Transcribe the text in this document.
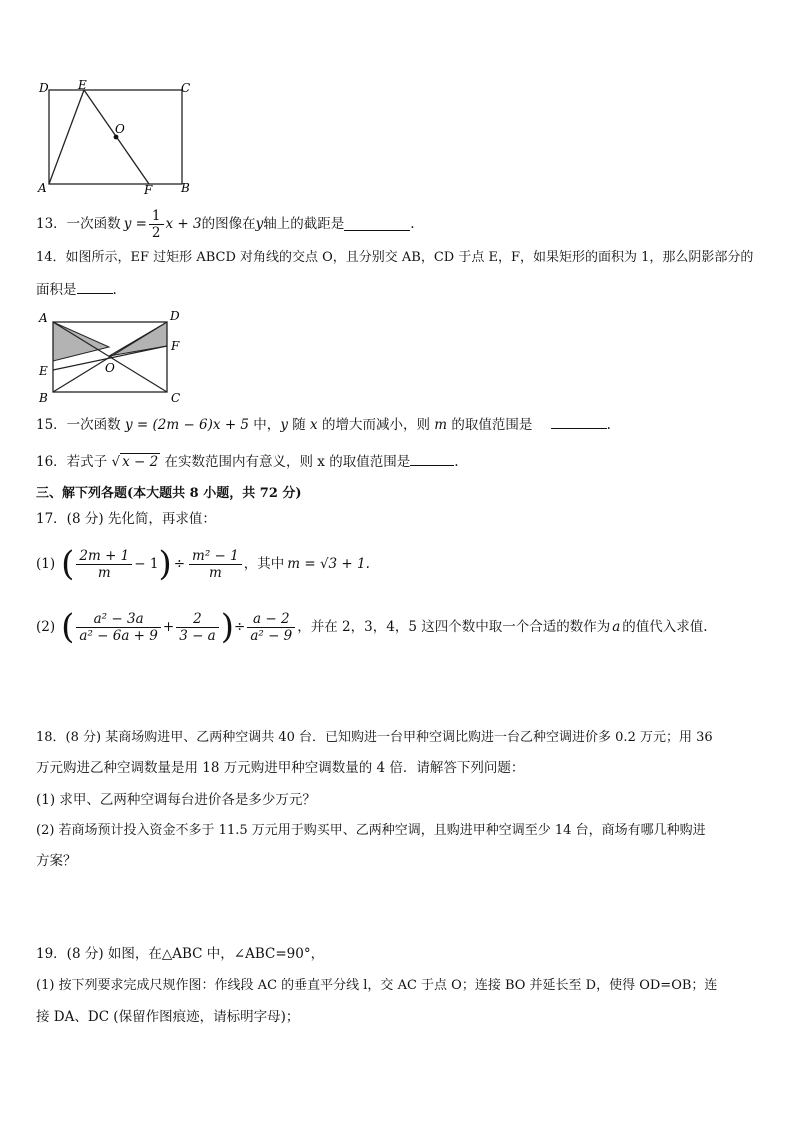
D E	C
O
A	F B
13．一次函数 $y = \frac{1}{2}$ x + 3 的图像在 y 轴上的截距是	.
14．如图所示，EF 过矩形 ABCD 对角线的交点 O，且分别交 AB，CD 于点 E，F，如果矩形的面积为 1，那么阴影部分的
面积是	.
A	D
F
O
E
B	C
15．一次函数 y = (2m − 6)x + 5 中，y 随 x 的增大而减小，则 m 的取值范围是	.
16．若式子 √ x − 2 在实数范围内有意义，则 x 的取值范围是	.
三、解下列各题(本大题共 8 小题，共 72 分)
17．(8 分) 先化简，再求值：
(1) ( $\frac{2m + 1}{m} - 1$ ) ÷ $\frac{\text{m² − 1}}{m}$ ，其中 m = √3 + 1.
(2) ( $\frac{\text{a² − 3a}}{\text{a² − 6a + 9}} + \frac{2}{3 - a}$ ) ÷ $\frac{a - 2}{\text{a² − 9}}$ ，并在 2，3，4，5 这四个数中取一个合适的数作为 a 的值代入求值.
18．(8 分) 某商场购进甲、乙两种空调共 40 台．已知购进一台甲种空调比购进一台乙种空调进价多 0.2 万元；用 36
万元购进乙种空调数量是用 18 万元购进甲种空调数量的 4 倍．请解答下列问题：
(1) 求甲、乙两种空调每台进价各是多少万元？
(2) 若商场预计投入资金不多于 11.5 万元用于购买甲、乙两种空调，且购进甲种空调至少 14 台，商场有哪几种购进
方案？
19．(8 分) 如图，在△ABC 中，∠ABC=90°，
(1) 按下列要求完成尺规作图：作线段 AC 的垂直平分线 l，交 AC 于点 O；连接 BO 并延长至 D，使得 OD=OB；连
接 DA、DC (保留作图痕迹，请标明字母)；
